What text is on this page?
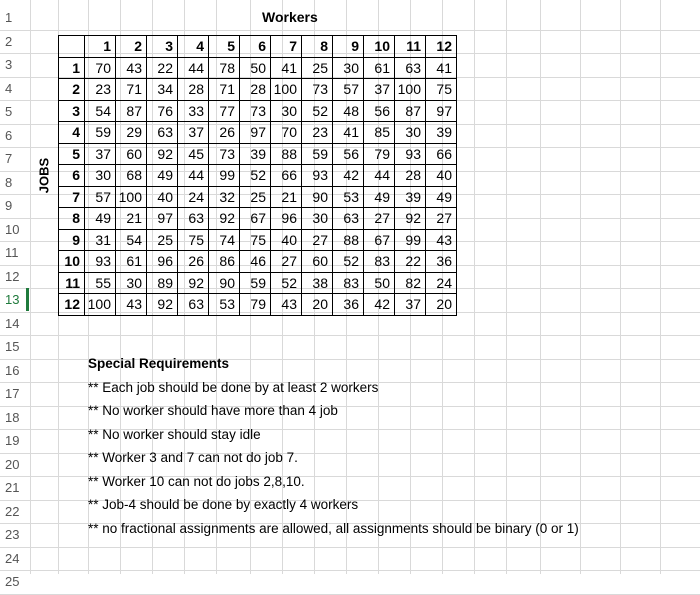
1
2
3
4
5
6
7
8
9
10
11
12
13
14
15
16
17
18
19
20
21
22
23
24
25
Workers
JOBS
	1	2	3	4	5	6	7	8	9	10	11	12
1	70	43	22	44	78	50	41	25	30	61	63	41
2	23	71	34	28	71	28	100	73	57	37	100	75
3	54	87	76	33	77	73	30	52	48	56	87	97
4	59	29	63	37	26	97	70	23	41	85	30	39
5	37	60	92	45	73	39	88	59	56	79	93	66
6	30	68	49	44	99	52	66	93	42	44	28	40
7	57	100	40	24	32	25	21	90	53	49	39	49
8	49	21	97	63	92	67	96	30	63	27	92	27
9	31	54	25	75	74	75	40	27	88	67	99	43
10	93	61	96	26	86	46	27	60	52	83	22	36
11	55	30	89	92	90	59	52	38	83	50	82	24
12	100	43	92	63	53	79	43	20	36	42	37	20
Special Requirements
** Each job should be done by at least 2 workers
** No worker should have more than 4 job
** No worker should stay idle
** Worker 3 and 7 can not do job 7.
** Worker 10 can not do jobs 2,8,10.
** Job-4 should be done by exactly 4 workers
** no fractional assignments are allowed, all assignments should be binary (0 or 1)
